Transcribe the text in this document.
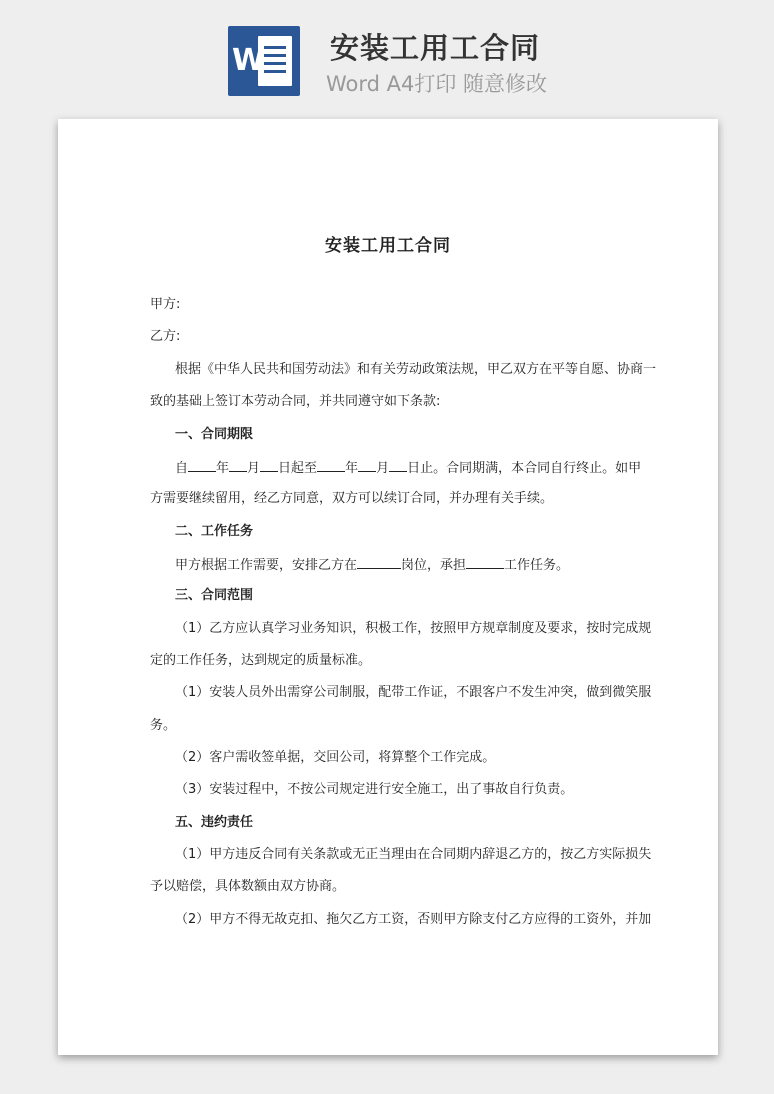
W 安装工用工合同
Word A4打印 随意修改
安装工用工合同
甲方:
乙方:
根据《中华人民共和国劳动法》和有关劳动政策法规，甲乙双方在平等自愿、协商一
致的基础上签订本劳动合同，并共同遵守如下条款:
一、合同期限
自 年 月 日起至 年 月 日止。合同期满，本合同自行终止。如甲
方需要继续留用，经乙方同意，双方可以续订合同，并办理有关手续。
二、工作任务
甲方根据工作需要，安排乙方在	岗位，承担	工作任务。
三、合同范围
（1）乙方应认真学习业务知识，积极工作，按照甲方规章制度及要求，按时完成规
定的工作任务，达到规定的质量标准。
（1）安装人员外出需穿公司制服，配带工作证，不跟客户不发生冲突，做到微笑服
务。
（2）客户需收签单据，交回公司，将算整个工作完成。
（3）安装过程中，不按公司规定进行安全施工，出了事故自行负责。
五、违约责任
（1）甲方违反合同有关条款或无正当理由在合同期内辞退乙方的，按乙方实际损失
予以赔偿，具体数额由双方协商。
（2）甲方不得无故克扣、拖欠乙方工资，否则甲方除支付乙方应得的工资外，并加
